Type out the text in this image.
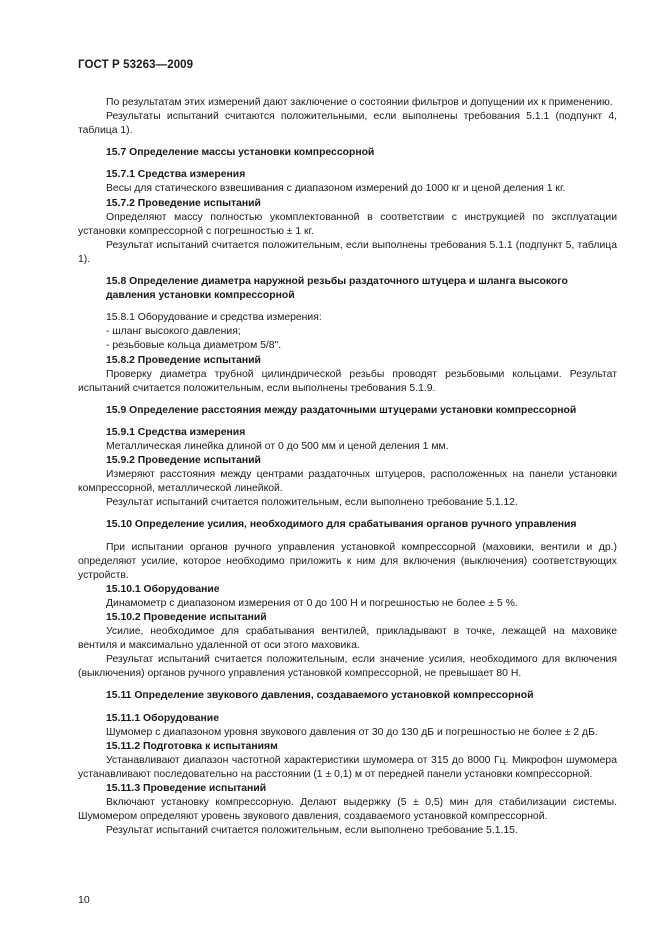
ГОСТ Р 53263—2009
По результатам этих измерений дают заключение о состоянии фильтров и допущении их к применению.
Результаты испытаний считаются положительными, если выполнены требования 5.1.1 (подпункт 4, таблица 1).
15.7 Определение массы установки компрессорной
15.7.1 Средства измерения
Весы для статического взвешивания с диапазоном измерений до 1000 кг и ценой деления 1 кг.
15.7.2 Проведение испытаний
Определяют массу полностью укомплектованной в соответствии с инструкцией по эксплуатации установки компрессорной с погрешностью ± 1 кг.
Результат испытаний считается положительным, если выполнены требования 5.1.1 (подпункт 5, таблица 1).
15.8 Определение диаметра наружной резьбы раздаточного штуцера и шланга высокого давления установки компрессорной
15.8.1 Оборудование и средства измерения:
- шланг высокого давления;
- резьбовые кольца диаметром 5/8".
15.8.2 Проведение испытаний
Проверку диаметра трубной цилиндрической резьбы проводят резьбовыми кольцами. Результат испытаний считается положительным, если выполнены требования 5.1.9.
15.9 Определение расстояния между раздаточными штуцерами установки компрессорной
15.9.1 Средства измерения
Металлическая линейка длиной от 0 до 500 мм и ценой деления 1 мм.
15.9.2 Проведение испытаний
Измеряют расстояния между центрами раздаточных штуцеров, расположенных на панели установки компрессорной, металлической линейкой.
Результат испытаний считается положительным, если выполнено требование 5.1.12.
15.10 Определение усилия, необходимого для срабатывания органов ручного управления
При испытании органов ручного управления установкой компрессорной (маховики, вентили и др.) определяют усилие, которое необходимо приложить к ним для включения (выключения) соответствующих устройств.
15.10.1 Оборудование
Динамометр с диапазоном измерения от 0 до 100 Н и погрешностью не более ± 5 %.
15.10.2 Проведение испытаний
Усилие, необходимое для срабатывания вентилей, прикладывают в точке, лежащей на маховике вентиля и максимально удаленной от оси этого маховика.
Результат испытаний считается положительным, если значение усилия, необходимого для включения (выключения) органов ручного управления установкой компрессорной, не превышает 80 Н.
15.11 Определение звукового давления, создаваемого установкой компрессорной
15.11.1 Оборудование
Шумомер с диапазоном уровня звукового давления от 30 до 130 дБ и погрешностью не более ± 2 дБ.
15.11.2 Подготовка к испытаниям
Устанавливают диапазон частотной характеристики шумомера от 315 до 8000 Гц. Микрофон шумомера устанавливают последовательно на расстоянии (1 ± 0,1) м от передней панели установки компрессорной.
15.11.3 Проведение испытаний
Включают установку компрессорную. Делают выдержку (5 ± 0,5) мин для стабилизации системы. Шумомером определяют уровень звукового давления, создаваемого установкой компрессорной.
Результат испытаний считается положительным, если выполнено требование 5.1.15.
10
